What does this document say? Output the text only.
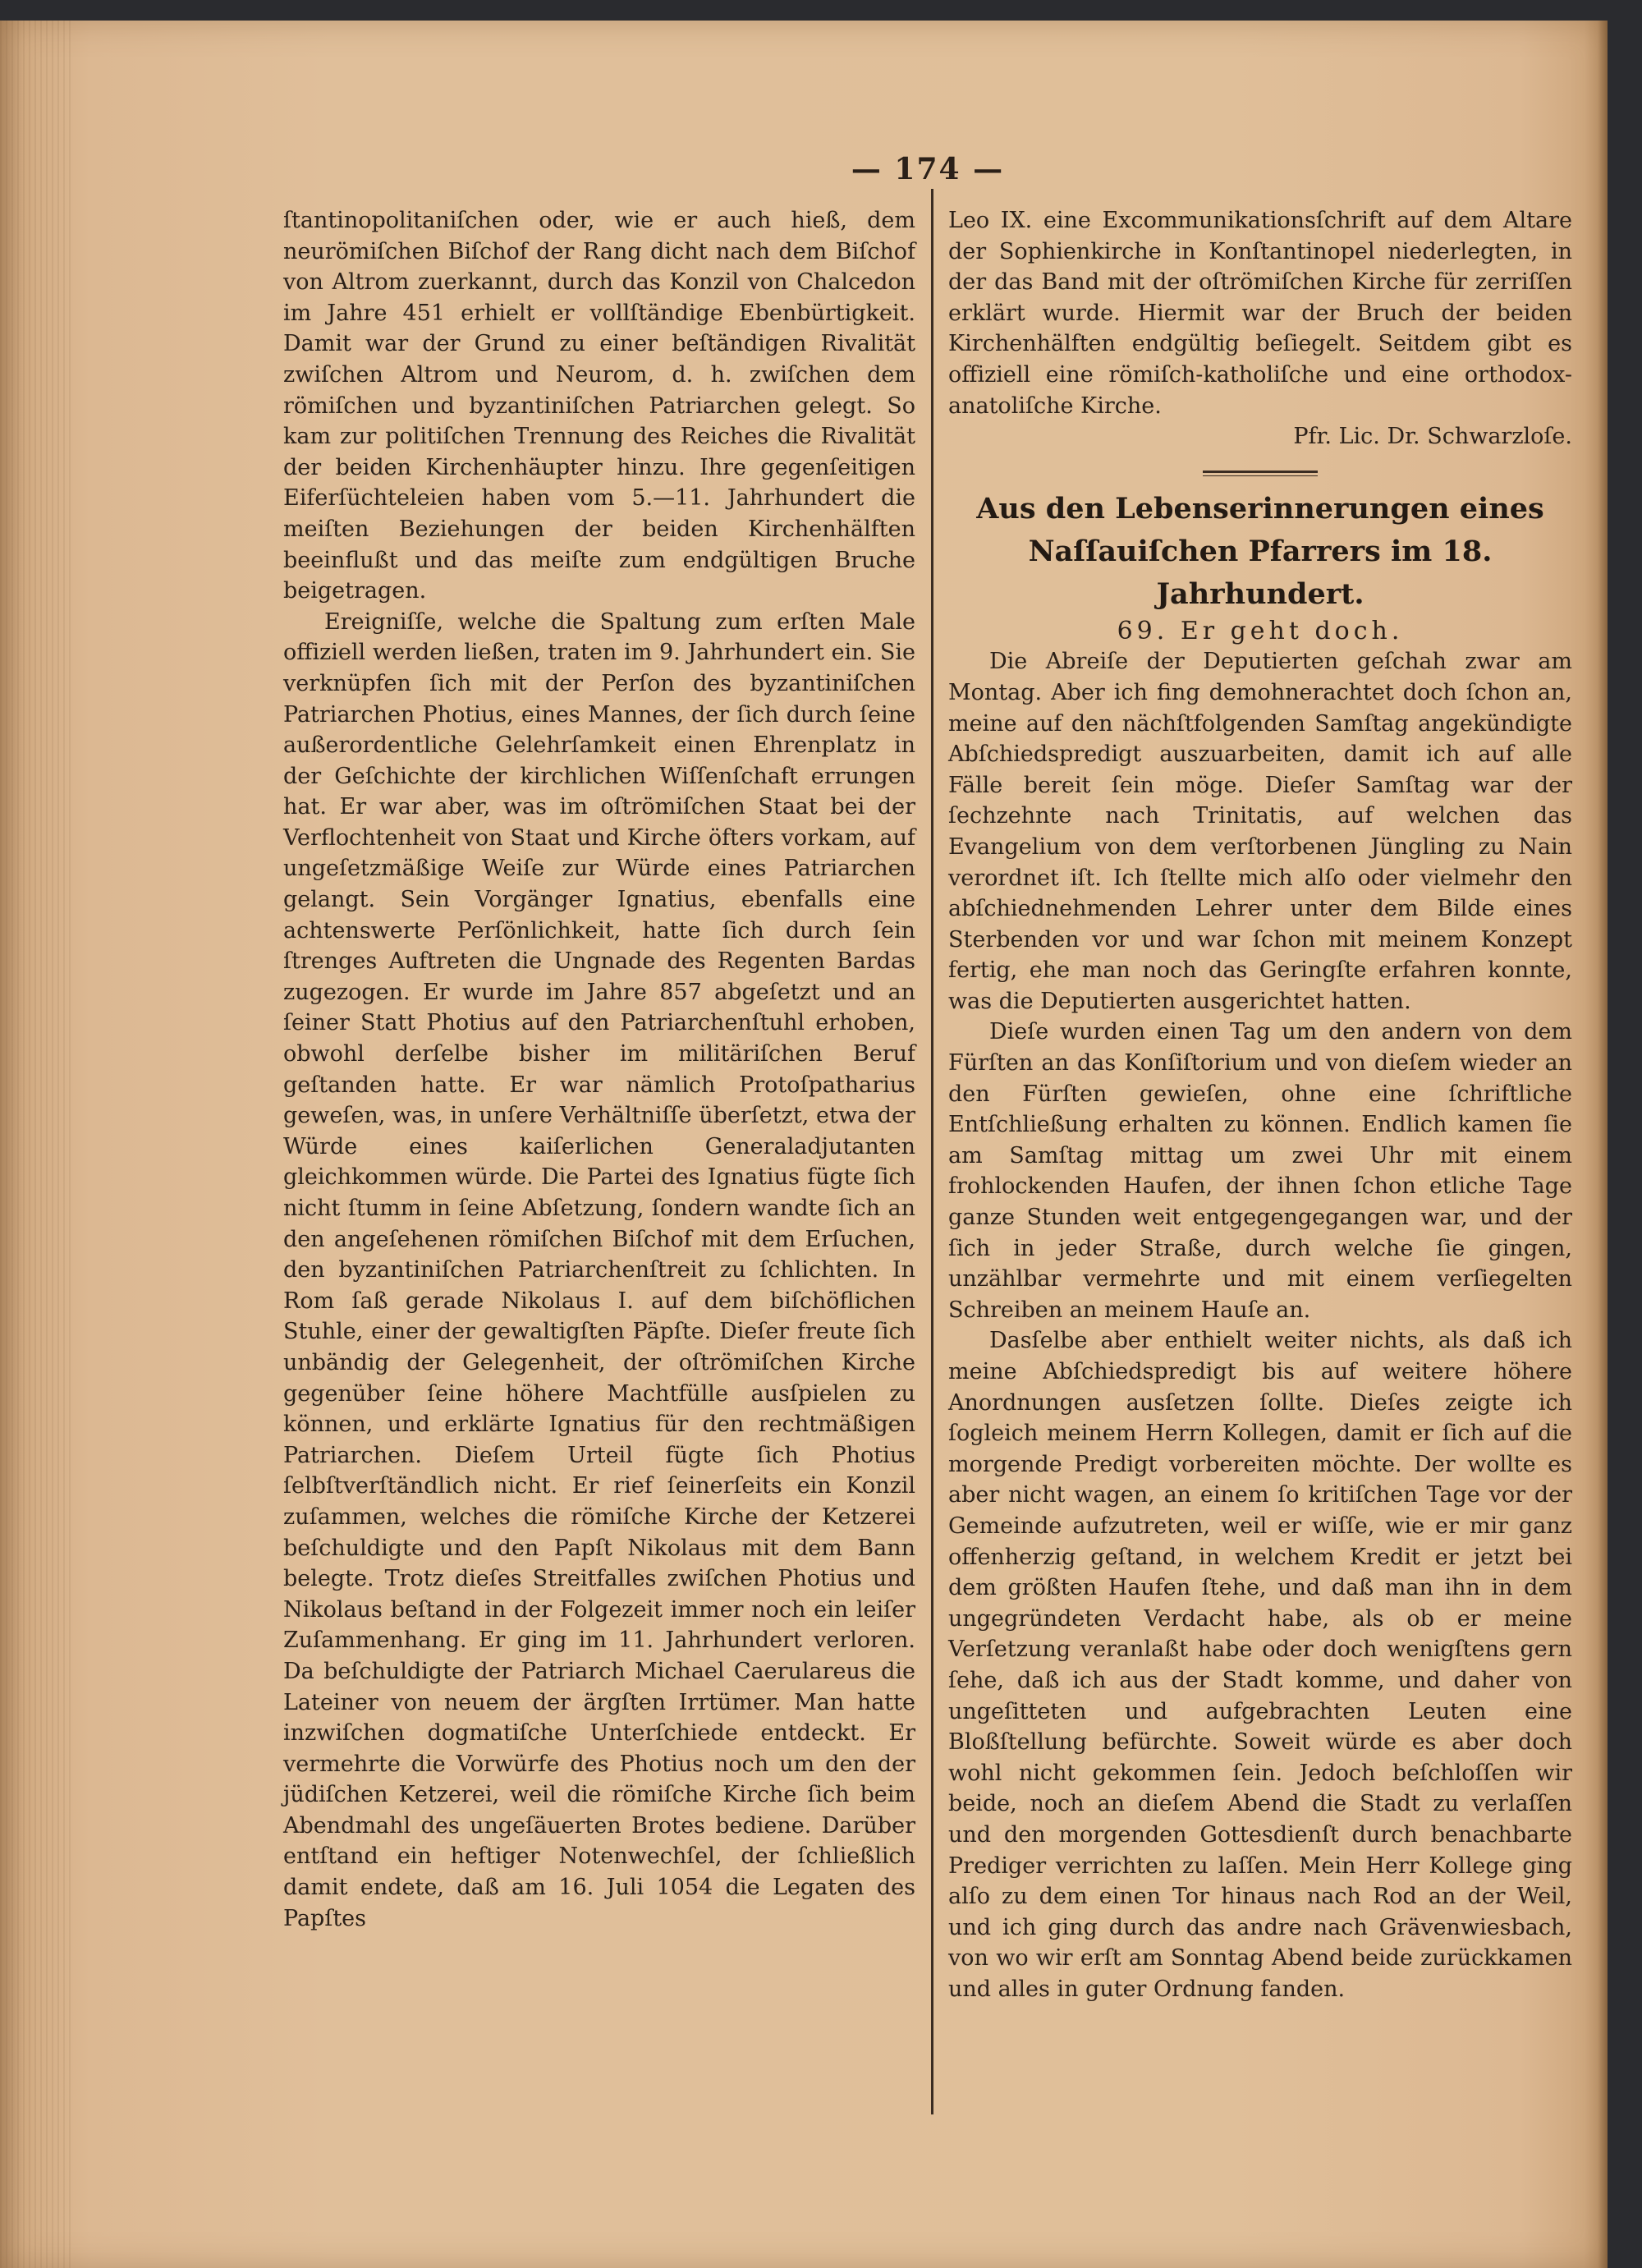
— 174 —

ſtantinopolitaniſchen oder, wie er auch hieß, dem neurömiſchen Biſchof der Rang dicht nach dem Biſchof von Altrom zuerkannt, durch das Konzil von Chalcedon im Jahre 451 erhielt er vollſtändige Ebenbürtigkeit. Damit war der Grund zu einer beſtändigen Rivalität zwiſchen Altrom und Neurom, d. h. zwiſchen dem römiſchen und byzantiniſchen Patriarchen gelegt. So kam zur politiſchen Trennung des Reiches die Rivalität der beiden Kirchenhäupter hinzu. Ihre gegenſeitigen Eiferſüchteleien haben vom 5.—11. Jahrhundert die meiſten Beziehungen der beiden Kirchenhälften beeinflußt und das meiſte zum endgültigen Bruche beigetragen.

Ereigniſſe, welche die Spaltung zum erſten Male offiziell werden ließen, traten im 9. Jahrhundert ein. Sie verknüpfen ſich mit der Perſon des byzantiniſchen Patriarchen Photius, eines Mannes, der ſich durch ſeine außerordentliche Gelehrſamkeit einen Ehrenplatz in der Geſchichte der kirchlichen Wiſſenſchaft errungen hat. Er war aber, was im oſtrömiſchen Staat bei der Verflochtenheit von Staat und Kirche öfters vorkam, auf ungeſetzmäßige Weiſe zur Würde eines Patriarchen gelangt. Sein Vorgänger Ignatius, ebenfalls eine achtenswerte Perſönlichkeit, hatte ſich durch ſein ſtrenges Auftreten die Ungnade des Regenten Bardas zugezogen. Er wurde im Jahre 857 abgeſetzt und an ſeiner Statt Photius auf den Patriarchenſtuhl erhoben, obwohl derſelbe bisher im militäriſchen Beruf geſtanden hatte. Er war nämlich Protoſpatharius geweſen, was, in unſere Verhältniſſe überſetzt, etwa der Würde eines kaiſerlichen Generaladjutanten gleichkommen würde. Die Partei des Ignatius fügte ſich nicht ſtumm in ſeine Abſetzung, ſondern wandte ſich an den angeſehenen römiſchen Biſchof mit dem Erſuchen, den byzantiniſchen Patriarchenſtreit zu ſchlichten. In Rom ſaß gerade Nikolaus I. auf dem biſchöflichen Stuhle, einer der gewaltigſten Päpſte. Dieſer freute ſich unbändig der Gelegenheit, der oſtrömiſchen Kirche gegenüber ſeine höhere Machtfülle ausſpielen zu können, und erklärte Ignatius für den rechtmäßigen Patriarchen. Dieſem Urteil fügte ſich Photius ſelbſtverſtändlich nicht. Er rief ſeinerſeits ein Konzil zuſammen, welches die römiſche Kirche der Ketzerei beſchuldigte und den Papſt Nikolaus mit dem Bann belegte. Trotz dieſes Streitfalles zwiſchen Photius und Nikolaus beſtand in der Folgezeit immer noch ein leiſer Zuſammenhang. Er ging im 11. Jahrhundert verloren. Da beſchuldigte der Patriarch Michael Caerularеus die Lateiner von neuem der ärgſten Irrtümer. Man hatte inzwiſchen dogmatiſche Unterſchiede entdeckt. Er vermehrte die Vorwürfe des Photius noch um den der jüdiſchen Ketzerei, weil die römiſche Kirche ſich beim Abendmahl des ungeſäuerten Brotes bediene. Darüber entſtand ein heftiger Notenwechſel, der ſchließlich damit endete, daß am 16. Juli 1054 die Legaten des Papſtes

Leo IX. eine Excommunikationsſchrift auf dem Altare der Sophienkirche in Konſtantinopel niederlegten, in der das Band mit der oſtrömiſchen Kirche für zerriſſen erklärt wurde. Hiermit war der Bruch der beiden Kirchenhälften endgültig beſiegelt. Seitdem gibt es offiziell eine römiſch-katholiſche und eine orthodox-anatoliſche Kirche.

Pfr. Lic. Dr. Schwarzloſe.

Aus den Lebenserinnerungen eines

Naſſauiſchen Pfarrers im 18. Jahrhundert.

69. Er geht doch.

Die Abreiſe der Deputierten geſchah zwar am Montag. Aber ich fing demohnerachtet doch ſchon an, meine auf den nächſtfolgenden Samſtag angekündigte Abſchiedspredigt auszuarbeiten, damit ich auf alle Fälle bereit ſein möge. Dieſer Samſtag war der ſechzehnte nach Trinitatis, auf welchen das Evangelium von dem verſtorbenen Jüngling zu Nain verordnet iſt. Ich ſtellte mich alſo oder vielmehr den abſchiednehmenden Lehrer unter dem Bilde eines Sterbenden vor und war ſchon mit meinem Konzept fertig, ehe man noch das Geringſte erfahren konnte, was die Deputierten ausgerichtet hatten.

Dieſe wurden einen Tag um den andern von dem Fürſten an das Konſiſtorium und von dieſem wieder an den Fürſten gewieſen, ohne eine ſchriftliche Entſchließung erhalten zu können. Endlich kamen ſie am Samſtag mittag um zwei Uhr mit einem frohlockenden Haufen, der ihnen ſchon etliche Tage ganze Stunden weit entgegengegangen war, und der ſich in jeder Straße, durch welche ſie gingen, unzählbar vermehrte und mit einem verſiegelten Schreiben an meinem Hauſe an.

Dasſelbe aber enthielt weiter nichts, als daß ich meine Abſchiedspredigt bis auf weitere höhere Anordnungen ausſetzen ſollte. Dieſes zeigte ich ſogleich meinem Herrn Kollegen, damit er ſich auf die morgende Predigt vorbereiten möchte. Der wollte es aber nicht wagen, an einem ſo kritiſchen Tage vor der Gemeinde aufzutreten, weil er wiſſe, wie er mir ganz offenherzig geſtand, in welchem Kredit er jetzt bei dem größten Haufen ſtehe, und daß man ihn in dem ungegründeten Verdacht habe, als ob er meine Verſetzung veranlaßt habe oder doch wenigſtens gern ſehe, daß ich aus der Stadt komme, und daher von ungeſitteten und aufgebrachten Leuten eine Bloßſtellung befürchte. Soweit würde es aber doch wohl nicht gekommen ſein. Jedoch beſchloſſen wir beide, noch an dieſem Abend die Stadt zu verlaſſen und den morgenden Gottesdienſt durch benachbarte Prediger verrichten zu laſſen. Mein Herr Kollege ging alſo zu dem einen Tor hinaus nach Rod an der Weil, und ich ging durch das andre nach Grävenwiesbach, von wo wir erſt am Sonntag Abend beide zurückkamen und alles in guter Ordnung fanden.
